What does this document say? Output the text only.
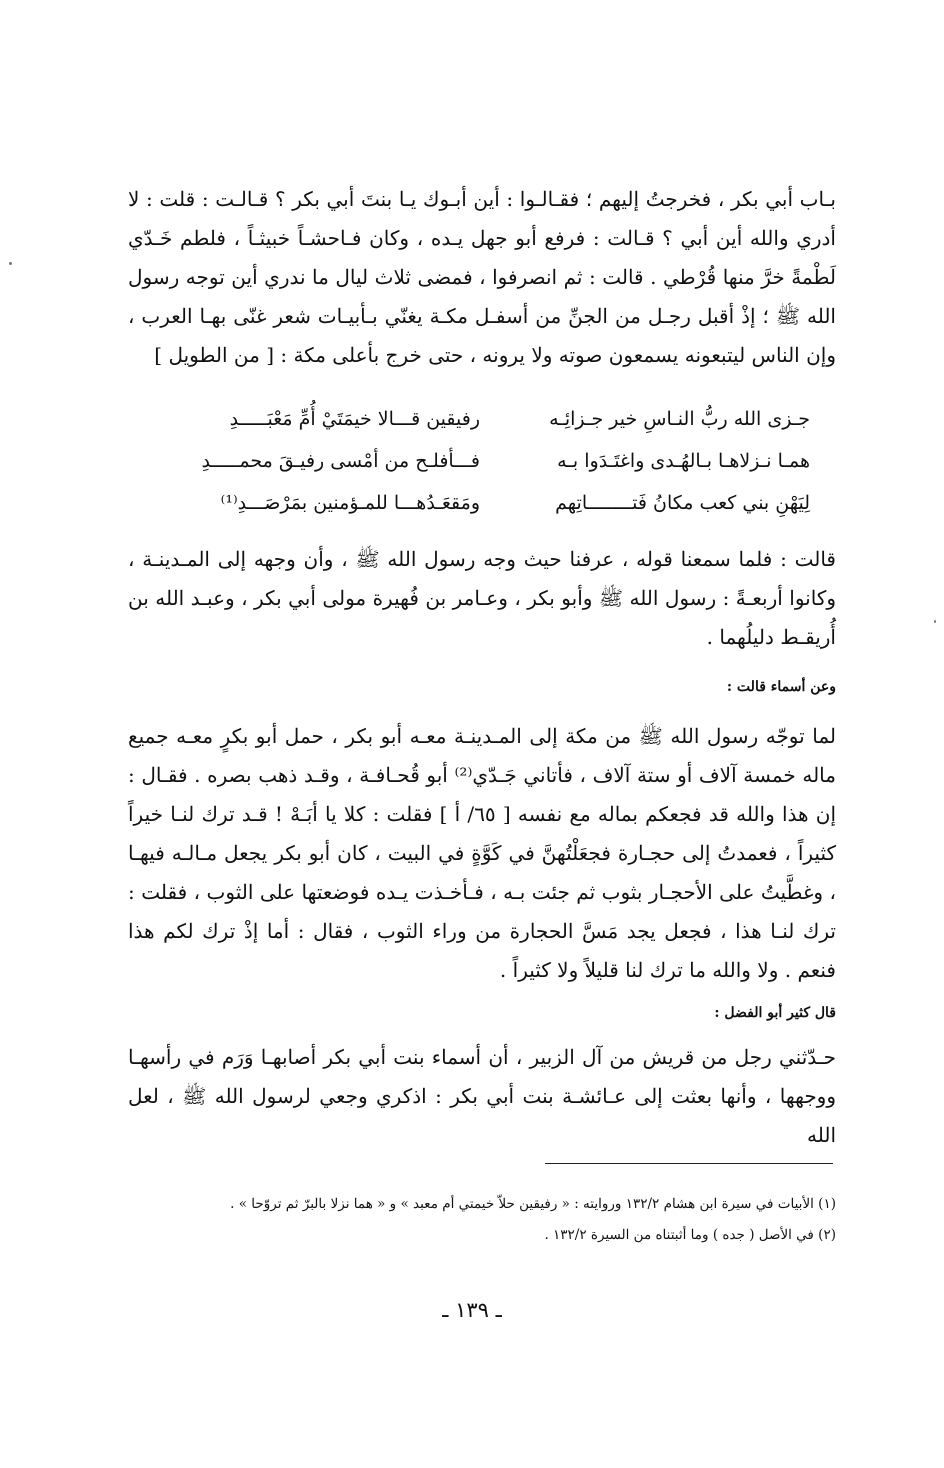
بـاب أبي بكر ، فخرجتُ إليهم ؛ فقـالـوا : أين أبـوك يـا بنتَ أبي بكر ؟ قـالـت : قلت : لا أدري والله أين أبي ؟ قـالت : فرفع أبو جهل يـده ، وكان فـاحشـاً خبيثـاً ، فلطم خَـدّي لَطْمةً خرَّ منها قُرْطي . قالت : ثم انصرفوا ، فمضى ثلاث ليال ما ندري أين توجه رسول الله ﷺ ؛ إذْ أقبل رجـل من الجنِّ من أسفـل مكـة يغنّي بـأبيـات شعر غنّى بهـا العرب ، وإن الناس ليتبعونه يسمعون صوته ولا يرونه ، حتى خرج بأعلى مكة : [ من الطويل ]
جـزى الله ربُّ النـاسِ خير جـزائِـه
رفيقين قـــالا خيمَتَيْ أُمِّ مَعْبَـــــدِ
همـا نـزلاهـا بـالهُـدى واغتَـدَوا بـه
فـــأفلـح من أمْسى رفيـقَ محمـــــدِ
لِيَهْنِ بني كعب مكانُ فَتــــــــاتِهم
ومَقعَـدُهـــا للمـؤمنين بمَرْصَـــدِ⁽¹⁾
قالت : فلما سمعنا قوله ، عرفنا حيث وجه رسول الله ﷺ ، وأن وجهه إلى المـدينـة ، وكانوا أربعـةً : رسول الله ﷺ وأبو بكر ، وعـامر بن فُهيرة مولى أبي بكر ، وعبـد الله بن أُريقـط دليلُهما .
وعن أسماء قالت :
لما توجّه رسول الله ﷺ من مكة إلى المـدينـة معـه أبو بكر ، حمل أبو بكرٍ معـه جميع ماله خمسة آلاف أو ستة آلاف ، فأتاني جَـدّي⁽²⁾ أبو قُحـافـة ، وقـد ذهب بصره . فقـال : إن هذا والله قد فجعكم بماله مع نفسه [ ٦٥/ أ ] فقلت : كلا يا أبَـهْ ! قـد ترك لنـا خيراً كثيراً ، فعمدتُ إلى حجـارة فجعَلْتُهنَّ في كَوَّةٍ في البيت ، كان أبو بكر يجعل مـالـه فيهـا ، وغطَّيتُ على الأحجـار بثوب ثم جئت بـه ، فـأخـذت يـده فوضعتها على الثوب ، فقلت : ترك لنـا هذا ، فجعل يجد مَسَّ الحجارة من وراء الثوب ، فقال : أما إذْ ترك لكم هذا فنعم . ولا والله ما ترك لنا قليلاً ولا كثيراً .
قال كثير أبو الفضل :
حـدّثني رجل من قريش من آل الزبير ، أن أسماء بنت أبي بكر أصابهـا وَرَم في رأسهـا ووجهها ، وأنها بعثت إلى عـائشـة بنت أبي بكر : اذكري وجعي لرسول الله ﷺ ، لعل الله
(١) الأبيات في سيرة ابن هشام ١٣٢/٢ وروايته : « رفيقين حلاّ خيمتي أم معبد » و « هما نزلا بالبرّ ثم تروّحا » .
(٢) في الأصل ( جده ) وما أثبتناه من السيرة ١٣٢/٢ .
ـ ١٣٩ ـ
